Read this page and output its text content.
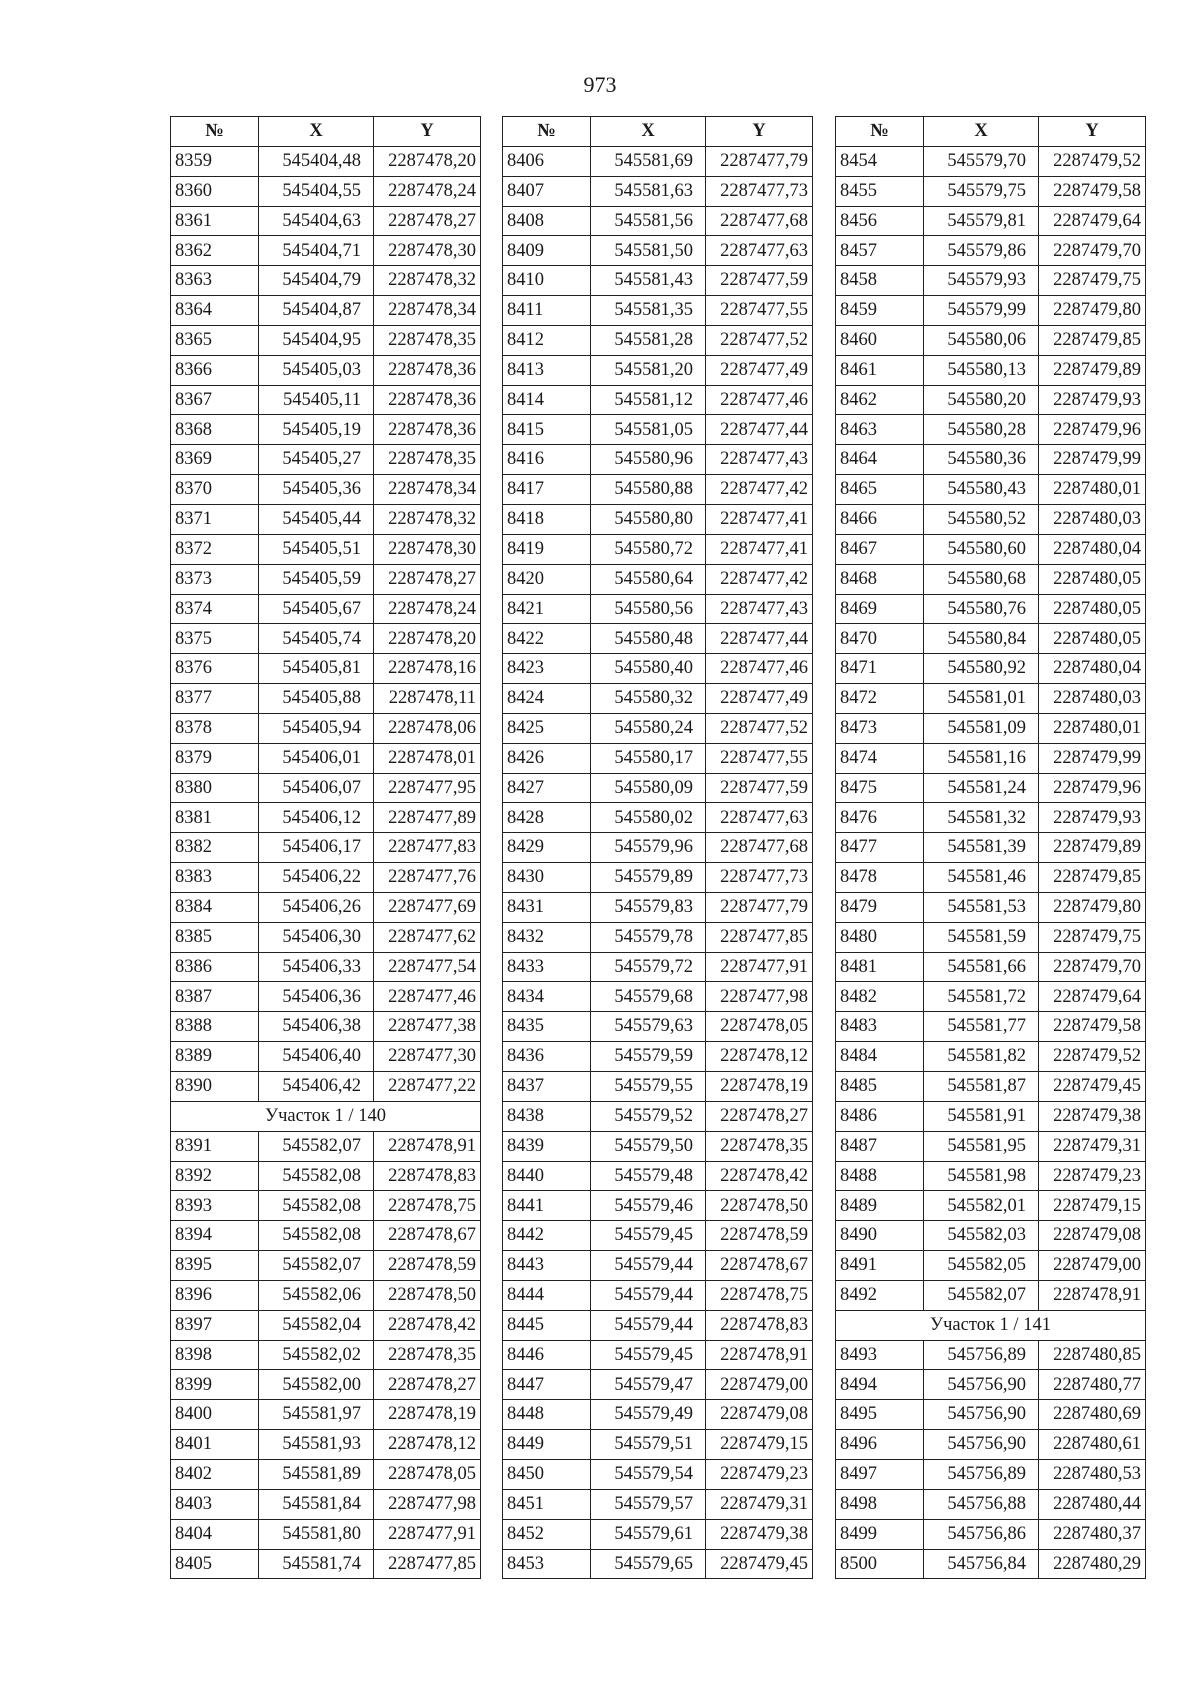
973
№	X	Y
8359	545404,48	2287478,20
8360	545404,55	2287478,24
8361	545404,63	2287478,27
8362	545404,71	2287478,30
8363	545404,79	2287478,32
8364	545404,87	2287478,34
8365	545404,95	2287478,35
8366	545405,03	2287478,36
8367	545405,11	2287478,36
8368	545405,19	2287478,36
8369	545405,27	2287478,35
8370	545405,36	2287478,34
8371	545405,44	2287478,32
8372	545405,51	2287478,30
8373	545405,59	2287478,27
8374	545405,67	2287478,24
8375	545405,74	2287478,20
8376	545405,81	2287478,16
8377	545405,88	2287478,11
8378	545405,94	2287478,06
8379	545406,01	2287478,01
8380	545406,07	2287477,95
8381	545406,12	2287477,89
8382	545406,17	2287477,83
8383	545406,22	2287477,76
8384	545406,26	2287477,69
8385	545406,30	2287477,62
8386	545406,33	2287477,54
8387	545406,36	2287477,46
8388	545406,38	2287477,38
8389	545406,40	2287477,30
8390	545406,42	2287477,22
Участок 1 / 140		
8391	545582,07	2287478,91
8392	545582,08	2287478,83
8393	545582,08	2287478,75
8394	545582,08	2287478,67
8395	545582,07	2287478,59
8396	545582,06	2287478,50
8397	545582,04	2287478,42
8398	545582,02	2287478,35
8399	545582,00	2287478,27
8400	545581,97	2287478,19
8401	545581,93	2287478,12
8402	545581,89	2287478,05
8403	545581,84	2287477,98
8404	545581,80	2287477,91
8405	545581,74	2287477,85
№	X	Y
8406	545581,69	2287477,79
8407	545581,63	2287477,73
8408	545581,56	2287477,68
8409	545581,50	2287477,63
8410	545581,43	2287477,59
8411	545581,35	2287477,55
8412	545581,28	2287477,52
8413	545581,20	2287477,49
8414	545581,12	2287477,46
8415	545581,05	2287477,44
8416	545580,96	2287477,43
8417	545580,88	2287477,42
8418	545580,80	2287477,41
8419	545580,72	2287477,41
8420	545580,64	2287477,42
8421	545580,56	2287477,43
8422	545580,48	2287477,44
8423	545580,40	2287477,46
8424	545580,32	2287477,49
8425	545580,24	2287477,52
8426	545580,17	2287477,55
8427	545580,09	2287477,59
8428	545580,02	2287477,63
8429	545579,96	2287477,68
8430	545579,89	2287477,73
8431	545579,83	2287477,79
8432	545579,78	2287477,85
8433	545579,72	2287477,91
8434	545579,68	2287477,98
8435	545579,63	2287478,05
8436	545579,59	2287478,12
8437	545579,55	2287478,19
8438	545579,52	2287478,27
8439	545579,50	2287478,35
8440	545579,48	2287478,42
8441	545579,46	2287478,50
8442	545579,45	2287478,59
8443	545579,44	2287478,67
8444	545579,44	2287478,75
8445	545579,44	2287478,83
8446	545579,45	2287478,91
8447	545579,47	2287479,00
8448	545579,49	2287479,08
8449	545579,51	2287479,15
8450	545579,54	2287479,23
8451	545579,57	2287479,31
8452	545579,61	2287479,38
8453	545579,65	2287479,45
№	X	Y
8454	545579,70	2287479,52
8455	545579,75	2287479,58
8456	545579,81	2287479,64
8457	545579,86	2287479,70
8458	545579,93	2287479,75
8459	545579,99	2287479,80
8460	545580,06	2287479,85
8461	545580,13	2287479,89
8462	545580,20	2287479,93
8463	545580,28	2287479,96
8464	545580,36	2287479,99
8465	545580,43	2287480,01
8466	545580,52	2287480,03
8467	545580,60	2287480,04
8468	545580,68	2287480,05
8469	545580,76	2287480,05
8470	545580,84	2287480,05
8471	545580,92	2287480,04
8472	545581,01	2287480,03
8473	545581,09	2287480,01
8474	545581,16	2287479,99
8475	545581,24	2287479,96
8476	545581,32	2287479,93
8477	545581,39	2287479,89
8478	545581,46	2287479,85
8479	545581,53	2287479,80
8480	545581,59	2287479,75
8481	545581,66	2287479,70
8482	545581,72	2287479,64
8483	545581,77	2287479,58
8484	545581,82	2287479,52
8485	545581,87	2287479,45
8486	545581,91	2287479,38
8487	545581,95	2287479,31
8488	545581,98	2287479,23
8489	545582,01	2287479,15
8490	545582,03	2287479,08
8491	545582,05	2287479,00
8492	545582,07	2287478,91
Участок 1 / 141		
8493	545756,89	2287480,85
8494	545756,90	2287480,77
8495	545756,90	2287480,69
8496	545756,90	2287480,61
8497	545756,89	2287480,53
8498	545756,88	2287480,44
8499	545756,86	2287480,37
8500	545756,84	2287480,29
